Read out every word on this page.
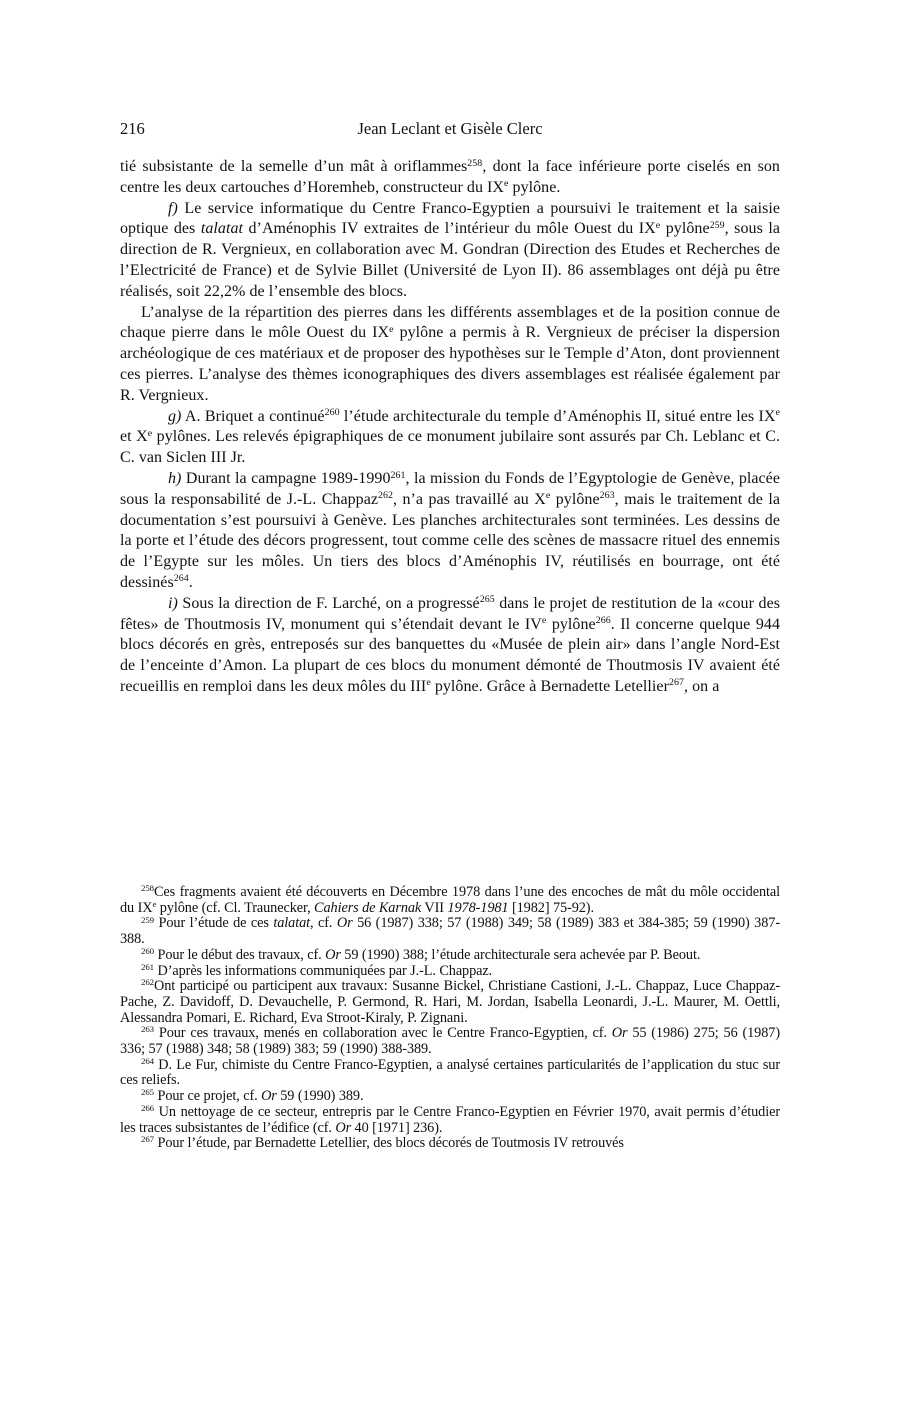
216	Jean Leclant et Gisèle Clerc

tié subsistante de la semelle d’un mât à oriflammes$^{258}$, dont la face inférieure porte ciselés en son centre les deux cartouches d’Horemheb, constructeur du IXe pylône.

f) Le service informatique du Centre Franco-Egyptien a poursuivi le traitement et la saisie optique des talatat d’Aménophis IV extraites de l’intérieur du môle Ouest du IXe pylône$^{259}$, sous la direction de R. Vergnieux, en collaboration avec M. Gondran (Direction des Etudes et Recherches de l’Electricité de France) et de Sylvie Billet (Université de Lyon II). 86 assemblages ont déjà pu être réalisés, soit 22,2% de l’ensemble des blocs.

L’analyse de la répartition des pierres dans les différents assemblages et de la position connue de chaque pierre dans le môle Ouest du IXe pylône a permis à R. Vergnieux de préciser la dispersion archéologique de ces matériaux et de proposer des hypothèses sur le Temple d’Aton, dont proviennent ces pierres. L’analyse des thèmes iconographiques des divers assemblages est réalisée également par R. Vergnieux.

g) A. Briquet a continué$^{260}$ l’étude architecturale du temple d’Aménophis II, situé entre les IXe et Xe pylônes. Les relevés épigraphiques de ce monument jubilaire sont assurés par Ch. Leblanc et C. C. van Siclen III Jr.

h) Durant la campagne 1989-1990$^{261}$, la mission du Fonds de l’Egyptologie de Genève, placée sous la responsabilité de J.-L. Chappaz$^{262}$, n’a pas travaillé au Xe pylône$^{263}$, mais le traitement de la documentation s’est poursuivi à Genève. Les planches architecturales sont terminées. Les dessins de la porte et l’étude des décors progressent, tout comme celle des scènes de massacre rituel des ennemis de l’Egypte sur les môles. Un tiers des blocs d’Aménophis IV, réutilisés en bourrage, ont été dessinés$^{264}$.

i) Sous la direction de F. Larché, on a progressé$^{265}$ dans le projet de restitution de la «cour des fêtes» de Thoutmosis IV, monument qui s’étendait devant le IVe pylône$^{266}$. Il concerne quelque 944 blocs décorés en grès, entreposés sur des banquettes du «Musée de plein air» dans l’angle Nord-Est de l’enceinte d’Amon. La plupart de ces blocs du monument démonté de Thoutmosis IV avaient été recueillis en remploi dans les deux môles du IIIe pylône. Grâce à Bernadette Letellier$^{267}$, on a

$^{258}$Ces fragments avaient été découverts en Décembre 1978 dans l’une des encoches de mât du môle occidental du IXe pylône (cf. Cl. Traunecker, Cahiers de Karnak VII 1978-1981 [1982] 75-92).

$^{259}$ Pour l’étude de ces talatat, cf. Or 56 (1987) 338; 57 (1988) 349; 58 (1989) 383 et 384-385; 59 (1990) 387-388.

$^{260}$ Pour le début des travaux, cf. Or 59 (1990) 388; l’étude architecturale sera achevée par P. Beout.

$^{261}$ D’après les informations communiquées par J.-L. Chappaz.

$^{262}$Ont participé ou participent aux travaux: Susanne Bickel, Christiane Castioni, J.-L. Chappaz, Luce Chappaz-Pache, Z. Davidoff, D. Devauchelle, P. Germond, R. Hari, M. Jordan, Isabella Leonardi, J.-L. Maurer, M. Oettli, Alessandra Pomari, E. Richard, Eva Stroot-Kiraly, P. Zignani.

$^{263}$ Pour ces travaux, menés en collaboration avec le Centre Franco-Egyptien, cf. Or 55 (1986) 275; 56 (1987) 336; 57 (1988) 348; 58 (1989) 383; 59 (1990) 388-389.

$^{264}$ D. Le Fur, chimiste du Centre Franco-Egyptien, a analysé certaines particularités de l’application du stuc sur ces reliefs.

$^{265}$ Pour ce projet, cf. Or 59 (1990) 389.

$^{266}$ Un nettoyage de ce secteur, entrepris par le Centre Franco-Egyptien en Février 1970, avait permis d’étudier les traces subsistantes de l’édifice (cf. Or 40 [1971] 236).

$^{267}$ Pour l’étude, par Bernadette Letellier, des blocs décorés de Toutmosis IV retrouvés
